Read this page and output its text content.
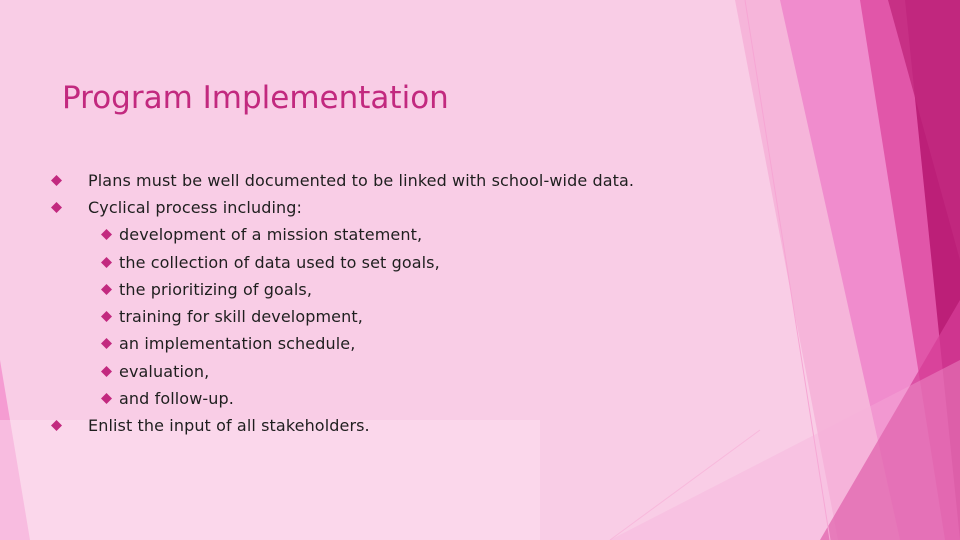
Program Implementation
Plans must be well documented to be linked with school-wide data.
Cyclical process including:
development of a mission statement,
the collection of data used to set goals,
the prioritizing of goals,
training for skill development,
an implementation schedule,
evaluation,
and follow-up.
Enlist the input of all stakeholders.
